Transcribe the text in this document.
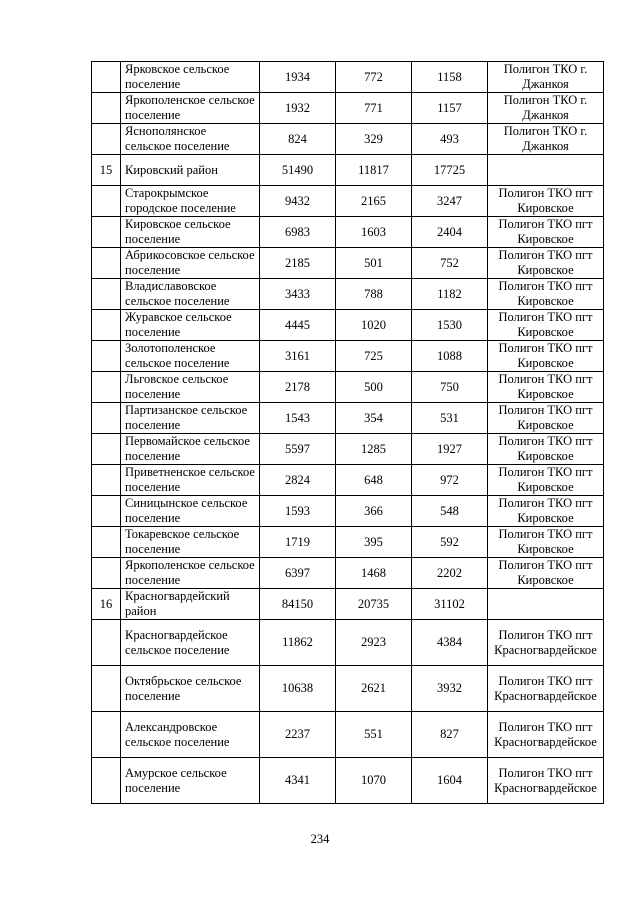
	Ярковское сельское поселение	1934	772	1158	Полигон ТКО г. Джанкоя
	Яркополенское сельское поселение	1932	771	1157	Полигон ТКО г. Джанкоя
	Яснополянское сельское поселение	824	329	493	Полигон ТКО г. Джанкоя
15	Кировский район	51490	11817	17725	
	Старокрымское городское поселение	9432	2165	3247	Полигон ТКО пгт Кировское
	Кировское сельское поселение	6983	1603	2404	Полигон ТКО пгт Кировское
	Абрикосовское сельское поселение	2185	501	752	Полигон ТКО пгт Кировское
	Владиславовское сельское поселение	3433	788	1182	Полигон ТКО пгт Кировское
	Журавское сельское поселение	4445	1020	1530	Полигон ТКО пгт Кировское
	Золотополенское сельское поселение	3161	725	1088	Полигон ТКО пгт Кировское
	Льговское сельское поселение	2178	500	750	Полигон ТКО пгт Кировское
	Партизанское сельское поселение	1543	354	531	Полигон ТКО пгт Кировское
	Первомайское сельское поселение	5597	1285	1927	Полигон ТКО пгт Кировское
	Приветненское сельское поселение	2824	648	972	Полигон ТКО пгт Кировское
	Синицынское сельское поселение	1593	366	548	Полигон ТКО пгт Кировское
	Токаревское сельское поселение	1719	395	592	Полигон ТКО пгт Кировское
	Яркополенское сельское поселение	6397	1468	2202	Полигон ТКО пгт Кировское
16	Красногвардейский район	84150	20735	31102	
	Красногвардейское сельское поселение	11862	2923	4384	Полигон ТКО пгт Красногвардейское
	Октябрьское сельское поселение	10638	2621	3932	Полигон ТКО пгт Красногвардейское
	Александровское сельское поселение	2237	551	827	Полигон ТКО пгт Красногвардейское
	Амурское сельское поселение	4341	1070	1604	Полигон ТКО пгт Красногвардейское
234
